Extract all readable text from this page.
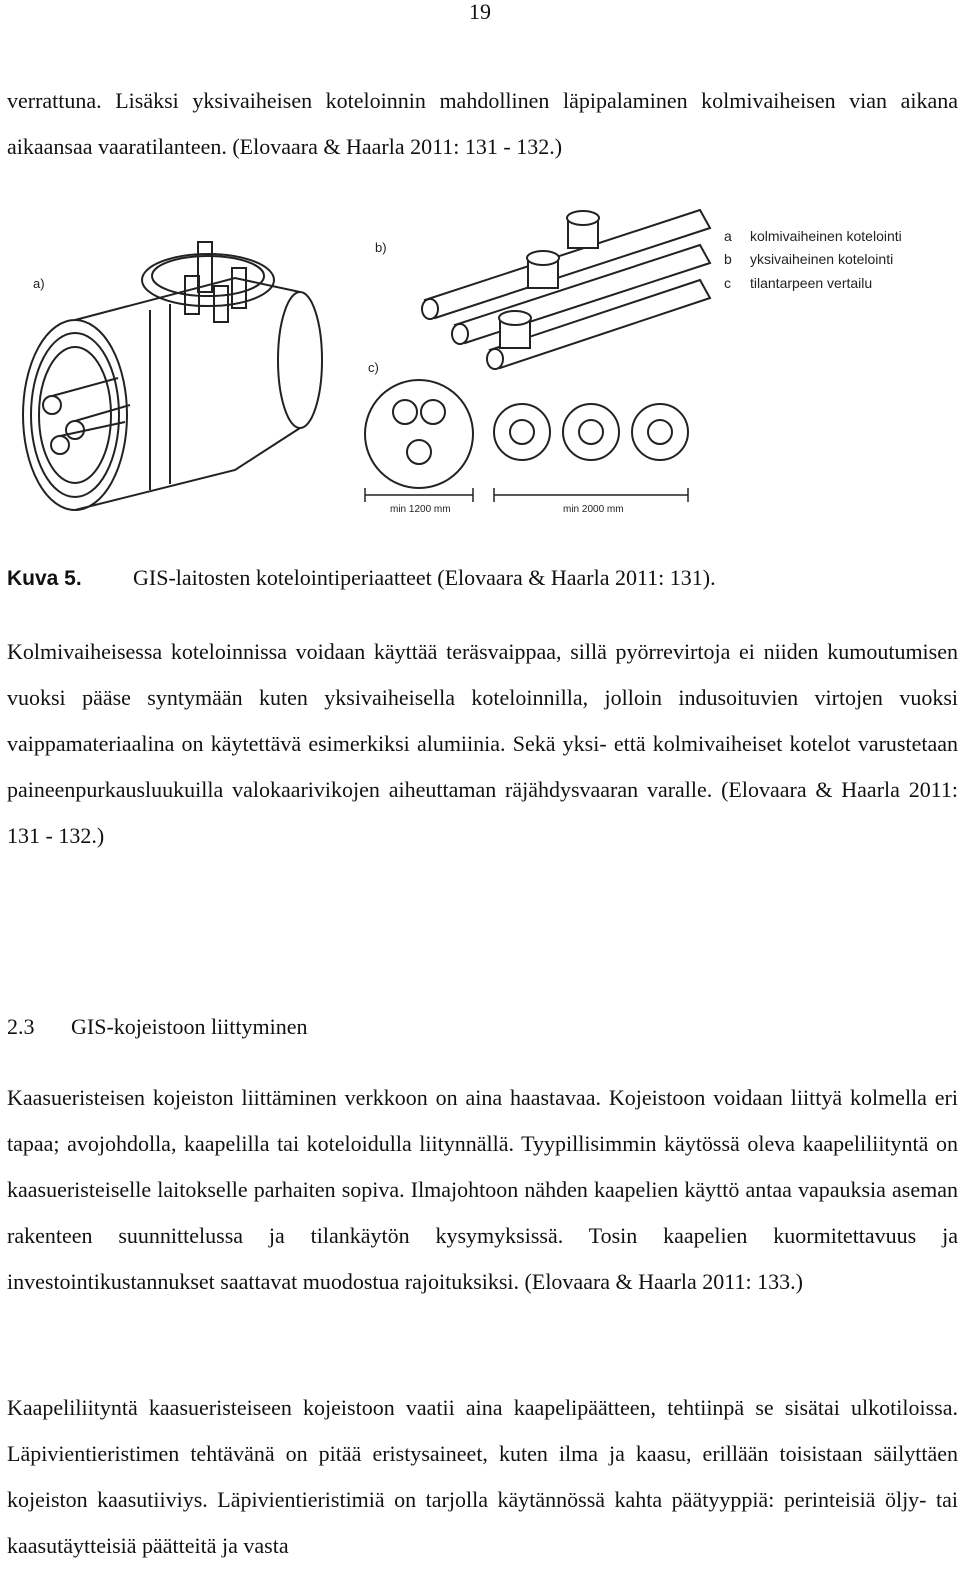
19

verrattuna. Lisäksi yksivaiheisen koteloinnin mahdollinen läpipalaminen kolmivaiheisen vian aikana aikaansaa vaaratilanteen. (Elovaara & Haarla 2011: 131 - 132.)

a)
b)
a kolmivaiheinen kotelointi
b yksivaiheinen kotelointi
c tilantarpeen vertailu
c)
min 1200 mm	min 2000 mm
Kuva 5. GIS-laitosten kotelointiperiaatteet (Elovaara & Haarla 2011: 131).

Kolmivaiheisessa koteloinnissa voidaan käyttää teräsvaippaa, sillä pyörrevirtoja ei niiden kumoutumisen vuoksi pääse syntymään kuten yksivaiheisella koteloinnilla, jolloin indusoituvien virtojen vuoksi vaippamateriaalina on käytettävä esimerkiksi alumiinia. Sekä yksi- että kolmivaiheiset kotelot varustetaan paineenpurkausluukuilla valokaarivikojen aiheuttaman räjähdysvaaran varalle. (Elovaara & Haarla 2011: 131 - 132.)

2.3 GIS-kojeistoon liittyminen

Kaasueristeisen kojeiston liittäminen verkkoon on aina haastavaa. Kojeistoon voidaan liittyä kolmella eri tapaa; avojohdolla, kaapelilla tai koteloidulla liitynnällä. Tyypillisimmin käytössä oleva kaapeliliityntä on kaasueristeiselle laitokselle parhaiten sopiva. Ilmajohtoon nähden kaapelien käyttö antaa vapauksia aseman rakenteen suunnittelussa ja tilankäytön kysymyksissä. Tosin kaapelien kuormitettavuus ja investointikustannukset saattavat muodostua rajoituksiksi. (Elovaara & Haarla 2011: 133.)

Kaapeliliityntä kaasueristeiseen kojeistoon vaatii aina kaapelipäätteen, tehtiinpä se sisätai ulkotiloissa. Läpivientieristimen tehtävänä on pitää eristysaineet, kuten ilma ja kaasu, erillään toisistaan säilyttäen kojeiston kaasutiiviys. Läpivientieristimiä on tarjolla käytännössä kahta päätyyppiä: perinteisiä öljy- tai kaasutäytteisiä päätteitä ja vasta
